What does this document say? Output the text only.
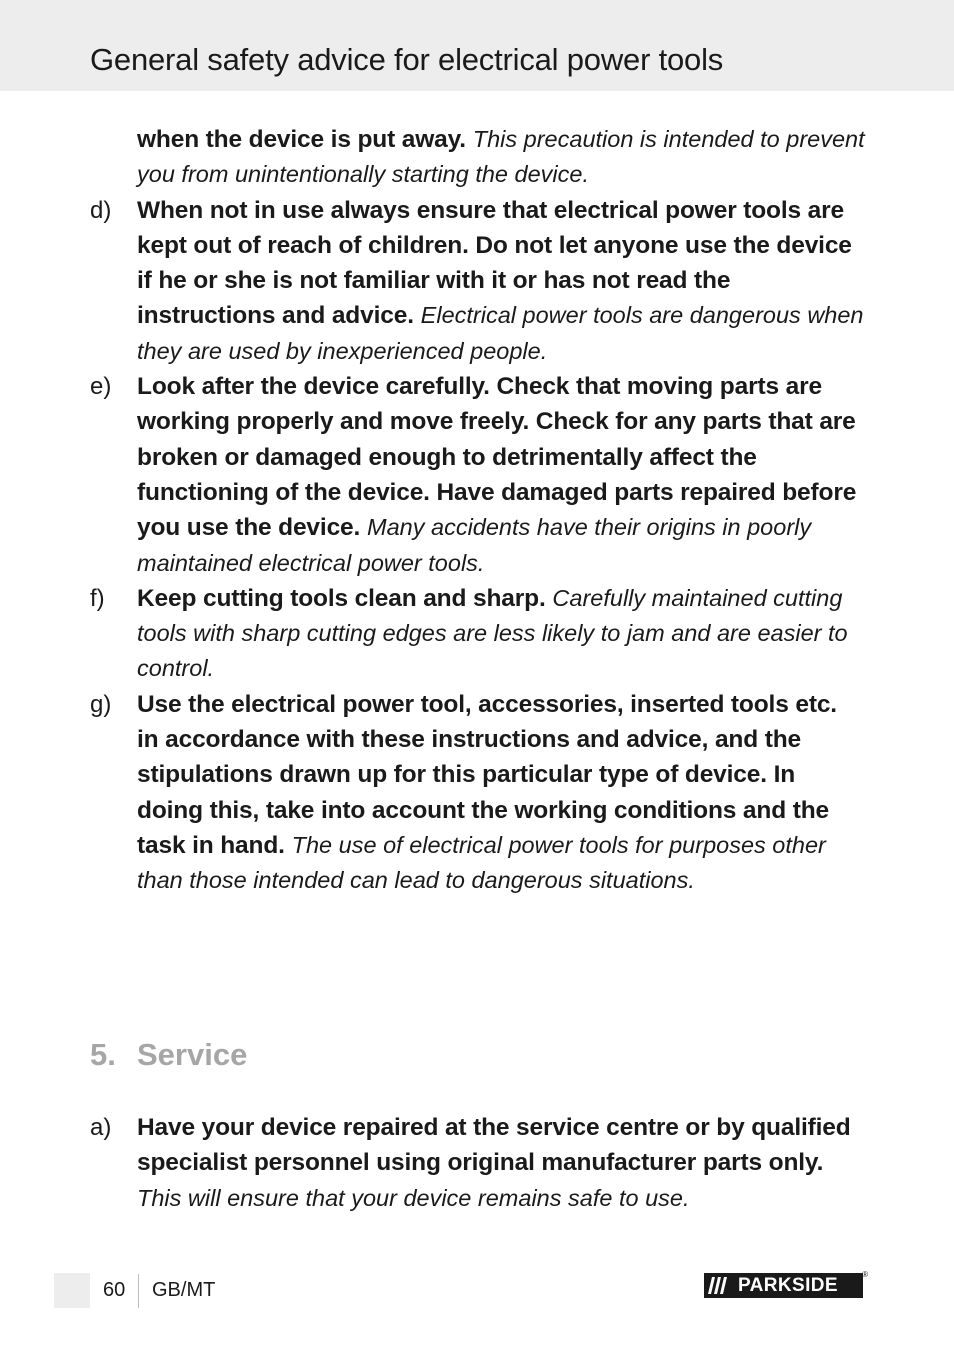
General safety advice for electrical power tools
when the device is put away. This precaution is intended to prevent you from unintentionally starting the device.
d) When not in use always ensure that electrical power tools are kept out of reach of children. Do not let anyone use the device if he or she is not familiar with it or has not read the instructions and advice. Electrical power tools are dangerous when they are used by inexperienced people.
e) Look after the device carefully. Check that moving parts are working properly and move freely. Check for any parts that are broken or damaged enough to detrimentally affect the functioning of the device. Have damaged parts repaired before you use the device. Many accidents have their origins in poorly maintained electrical power tools.
f) Keep cutting tools clean and sharp. Carefully maintained cutting tools with sharp cutting edges are less likely to jam and are easier to control.
g) Use the electrical power tool, accessories, inserted tools etc. in accordance with these instructions and advice, and the stipulations drawn up for this particular type of device. In doing this, take into account the working conditions and the task in hand. The use of electrical power tools for purposes other than those intended can lead to dangerous situations.
5. Service
a) Have your device repaired at the service centre or by qualified specialist personnel using original manufacturer parts only. This will ensure that your device remains safe to use.
60 GB/MT	PARKSIDE
®
